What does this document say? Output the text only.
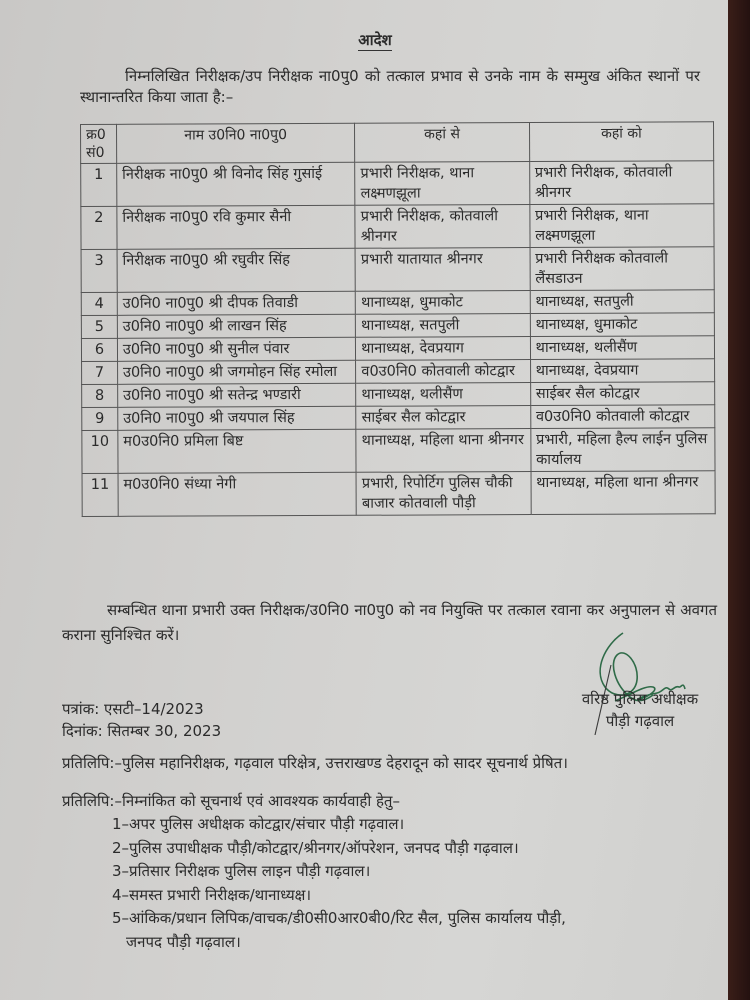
आदेश

निम्नलिखित निरीक्षक/उप निरीक्षक ना0पु0 को तत्काल प्रभाव से उनके नाम के सम्मुख अंकित स्थानों पर स्थानान्तरित किया जाता है:–

क्र0
सं0	नाम उ0नि0 ना0पु0	कहां से	कहां को
1	निरीक्षक ना0पु0 श्री विनोद सिंह गुसांई	प्रभारी निरीक्षक, थाना लक्ष्मणझूला	प्रभारी निरीक्षक, कोतवाली श्रीनगर
2	निरीक्षक ना0पु0 रवि कुमार सैनी	प्रभारी निरीक्षक, कोतवाली श्रीनगर	प्रभारी निरीक्षक, थाना लक्ष्मणझूला
3	निरीक्षक ना0पु0 श्री रघुवीर सिंह	प्रभारी यातायात श्रीनगर	प्रभारी निरीक्षक कोतवाली लैंसडाउन
4	उ0नि0 ना0पु0 श्री दीपक तिवाडी	थानाध्यक्ष, धुमाकोट	थानाध्यक्ष, सतपुली
5	उ0नि0 ना0पु0 श्री लाखन सिंह	थानाध्यक्ष, सतपुली	थानाध्यक्ष, धुमाकोट
6	उ0नि0 ना0पु0 श्री सुनील पंवार	थानाध्यक्ष, देवप्रयाग	थानाध्यक्ष, थलीसैंण
7	उ0नि0 ना0पु0 श्री जगमोहन सिंह रमोला	व0उ0नि0 कोतवाली कोटद्वार	थानाध्यक्ष, देवप्रयाग
8	उ0नि0 ना0पु0 श्री सतेन्द्र भण्डारी	थानाध्यक्ष, थलीसैंण	साईबर सैल कोटद्वार
9	उ0नि0 ना0पु0 श्री जयपाल सिंह	साईबर सैल कोटद्वार	व0उ0नि0 कोतवाली कोटद्वार
10	म0उ0नि0 प्रमिला बिष्ट	थानाध्यक्ष, महिला थाना श्रीनगर	प्रभारी, महिला हैल्प लाईन पुलिस कार्यालय
11	म0उ0नि0 संध्या नेगी	प्रभारी, रिपोर्टिग पुलिस चौकी बाजार कोतवाली पौड़ी	थानाध्यक्ष, महिला थाना श्रीनगर

सम्बन्धित थाना प्रभारी उक्त निरीक्षक/उ0नि0 ना0पु0 को नव नियुक्ति पर तत्काल रवाना कर अनुपालन से अवगत कराना सुनिश्चित करें।

वरिष्ठ पुलिस अधीक्षक
पौड़ी गढ़वाल
पत्रांक: एसटी–14/2023
दिनांक: सितम्बर 30, 2023
प्रतिलिपि:–पुलिस महानिरीक्षक, गढ़वाल परिक्षेत्र, उत्तराखण्ड देहरादून को सादर सूचनार्थ प्रेषित।
प्रतिलिपि:–निम्नांकित को सूचनार्थ एवं आवश्यक कार्यवाही हेतु–
1–अपर पुलिस अधीक्षक कोटद्वार/संचार पौड़ी गढ़वाल।
2–पुलिस उपाधीक्षक पौड़ी/कोटद्वार/श्रीनगर/ऑपरेशन, जनपद पौड़ी गढ़वाल।
3–प्रतिसार निरीक्षक पुलिस लाइन पौड़ी गढ़वाल।
4–समस्त प्रभारी निरीक्षक/थानाध्यक्ष।
5–आंकिक/प्रधान लिपिक/वाचक/डी0सी0आर0बी0/रिट सैल, पुलिस कार्यालय पौड़ी,
जनपद पौड़ी गढ़वाल।
